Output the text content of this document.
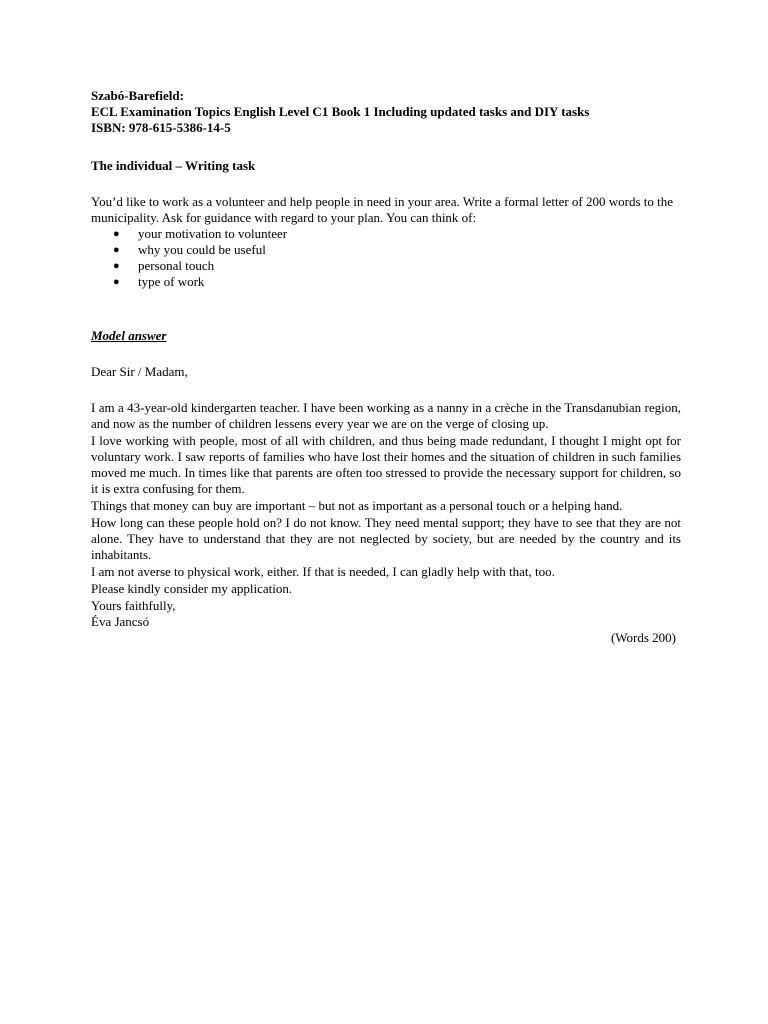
Szabó-Barefield:
ECL Examination Topics English Level C1 Book 1 Including updated tasks and DIY tasks
ISBN: 978-615-5386-14-5
The individual – Writing task
You’d like to work as a volunteer and help people in need in your area. Write a formal letter of 200 words to the municipality. Ask for guidance with regard to your plan. You can think of:
● your motivation to volunteer
● why you could be useful
● personal touch
● type of work
Model answer
Dear Sir / Madam,

I am a 43-year-old kindergarten teacher. I have been working as a nanny in a crèche in the Transdanubian region, and now as the number of children lessens every year we are on the verge of closing up.

I love working with people, most of all with children, and thus being made redundant, I thought I might opt for voluntary work. I saw reports of families who have lost their homes and the situation of children in such families moved me much. In times like that parents are often too stressed to provide the necessary support for children, so it is extra confusing for them.

Things that money can buy are important – but not as important as a personal touch or a helping hand.

How long can these people hold on? I do not know. They need mental support; they have to see that they are not alone. They have to understand that they are not neglected by society, but are needed by the country and its inhabitants.

I am not averse to physical work, either. If that is needed, I can gladly help with that, too.

Please kindly consider my application.

Yours faithfully,
Éva Jancsó
(Words 200)
